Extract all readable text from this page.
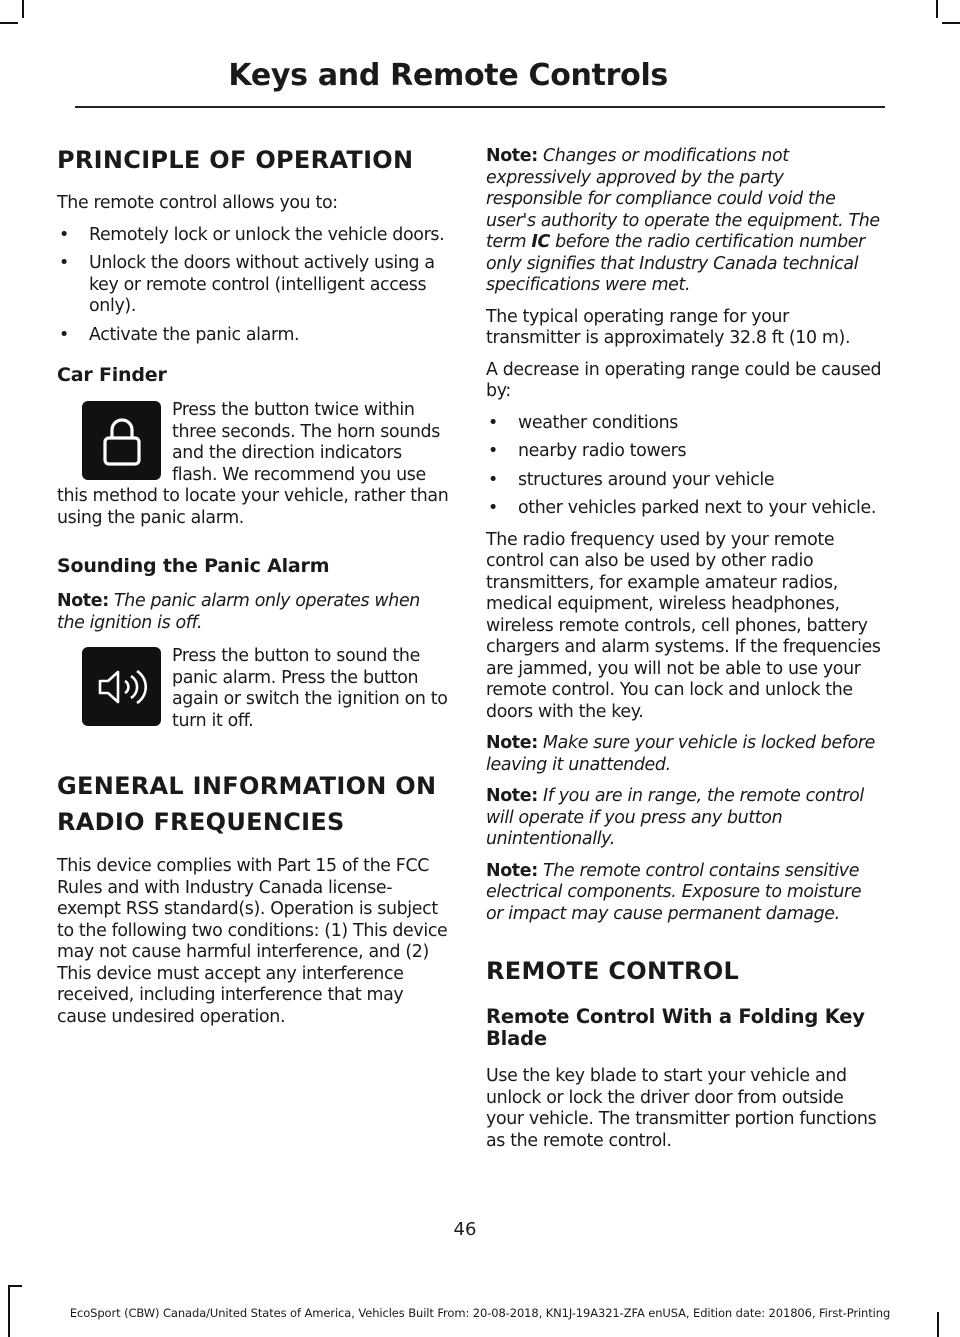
Keys and Remote Controls
PRINCIPLE OF OPERATION

The remote control allows you to:

• Remotely lock or unlock the vehicle doors.
• Unlock the doors without actively using a key or remote control (intelligent access only).
• Activate the panic alarm.
Car Finder

Press the button twice within three seconds. The horn sounds and the direction indicators flash. We recommend you use this method to locate your vehicle, rather than using the panic alarm.

Sounding the Panic Alarm

Note: The panic alarm only operates when the ignition is off.

Press the button to sound the panic alarm. Press the button again or switch the ignition on to turn it off.

GENERAL INFORMATION ON
RADIO FREQUENCIES

This device complies with Part 15 of the FCC Rules and with Industry Canada license-exempt RSS standard(s). Operation is subject to the following two conditions: (1) This device may not cause harmful interference, and (2) This device must accept any interference received, including interference that may cause undesired operation.

Note: Changes or modifications not expressively approved by the party responsible for compliance could void the user's authority to operate the equipment. The term IC before the radio certification number only signifies that Industry Canada technical specifications were met.

The typical operating range for your transmitter is approximately 32.8 ft (10 m).

A decrease in operating range could be caused by:

• weather conditions
• nearby radio towers
• structures around your vehicle
• other vehicles parked next to your vehicle.

The radio frequency used by your remote control can also be used by other radio transmitters, for example amateur radios, medical equipment, wireless headphones, wireless remote controls, cell phones, battery chargers and alarm systems. If the frequencies are jammed, you will not be able to use your remote control. You can lock and unlock the doors with the key.

Note: Make sure your vehicle is locked before leaving it unattended.

Note: If you are in range, the remote control will operate if you press any button unintentionally.

Note: The remote control contains sensitive electrical components. Exposure to moisture or impact may cause permanent damage.

REMOTE CONTROL
Remote Control With a Folding Key Blade

Use the key blade to start your vehicle and unlock or lock the driver door from outside your vehicle. The transmitter portion functions as the remote control.

46
EcoSport (CBW) Canada/United States of America, Vehicles Built From: 20-08-2018, KN1J-19A321-ZFA enUSA, Edition date: 201806, First-Printing
